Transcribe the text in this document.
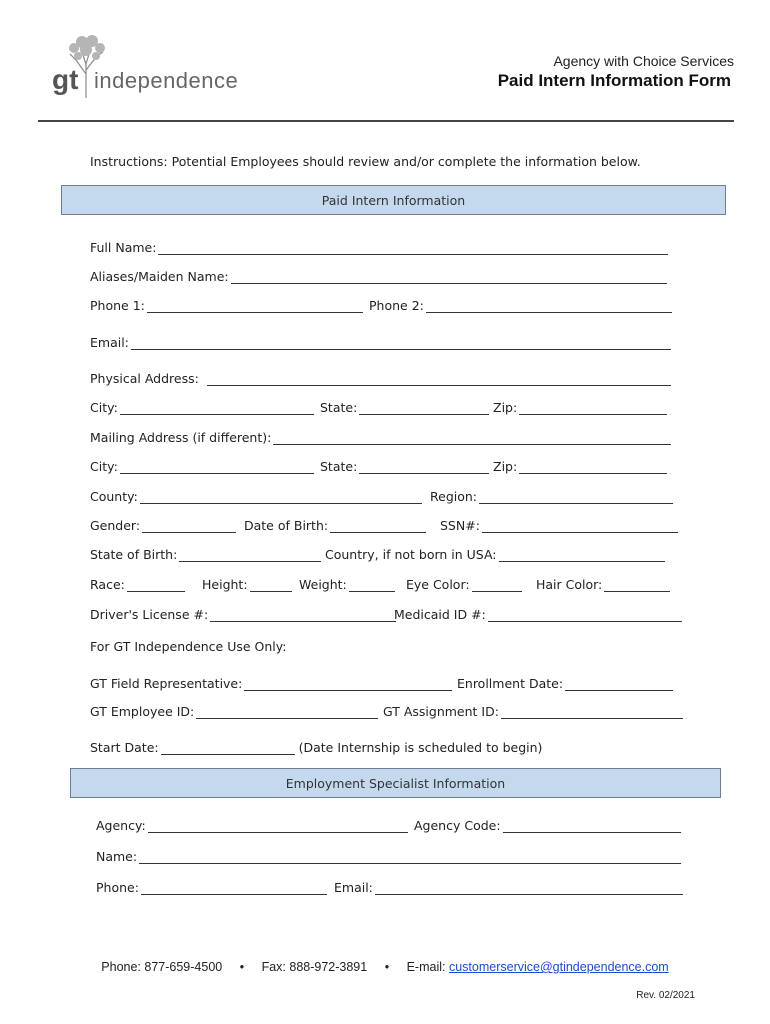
gt independence
Agency with Choice Services
Paid Intern Information Form
Instructions: Potential Employees should review and/or complete the information below.
Paid Intern Information
Full Name:
Aliases/Maiden Name:
Phone 1:	Phone 2:
Email:
Physical Address:
City:	State:	Zip:
Mailing Address (if different):
City:	State:	Zip:
County:	Region:
Gender:	Date of Birth:	SSN#:
State of Birth:	Country, if not born in USA:
Race:	Height:	Weight:	Eye Color:	Hair Color:
Driver's License #:	Medicaid ID #:
For GT Independence Use Only:
GT Field Representative:	Enrollment Date:
GT Employee ID:	GT Assignment ID:
Start Date:	(Date Internship is scheduled to begin)
Employment Specialist Information
Agency:	Agency Code:
Name:
Phone:	Email:
Phone: 877-659-4500 • Fax: 888-972-3891 • E-mail: customerservice@gtindependence.com
Rev. 02/2021
